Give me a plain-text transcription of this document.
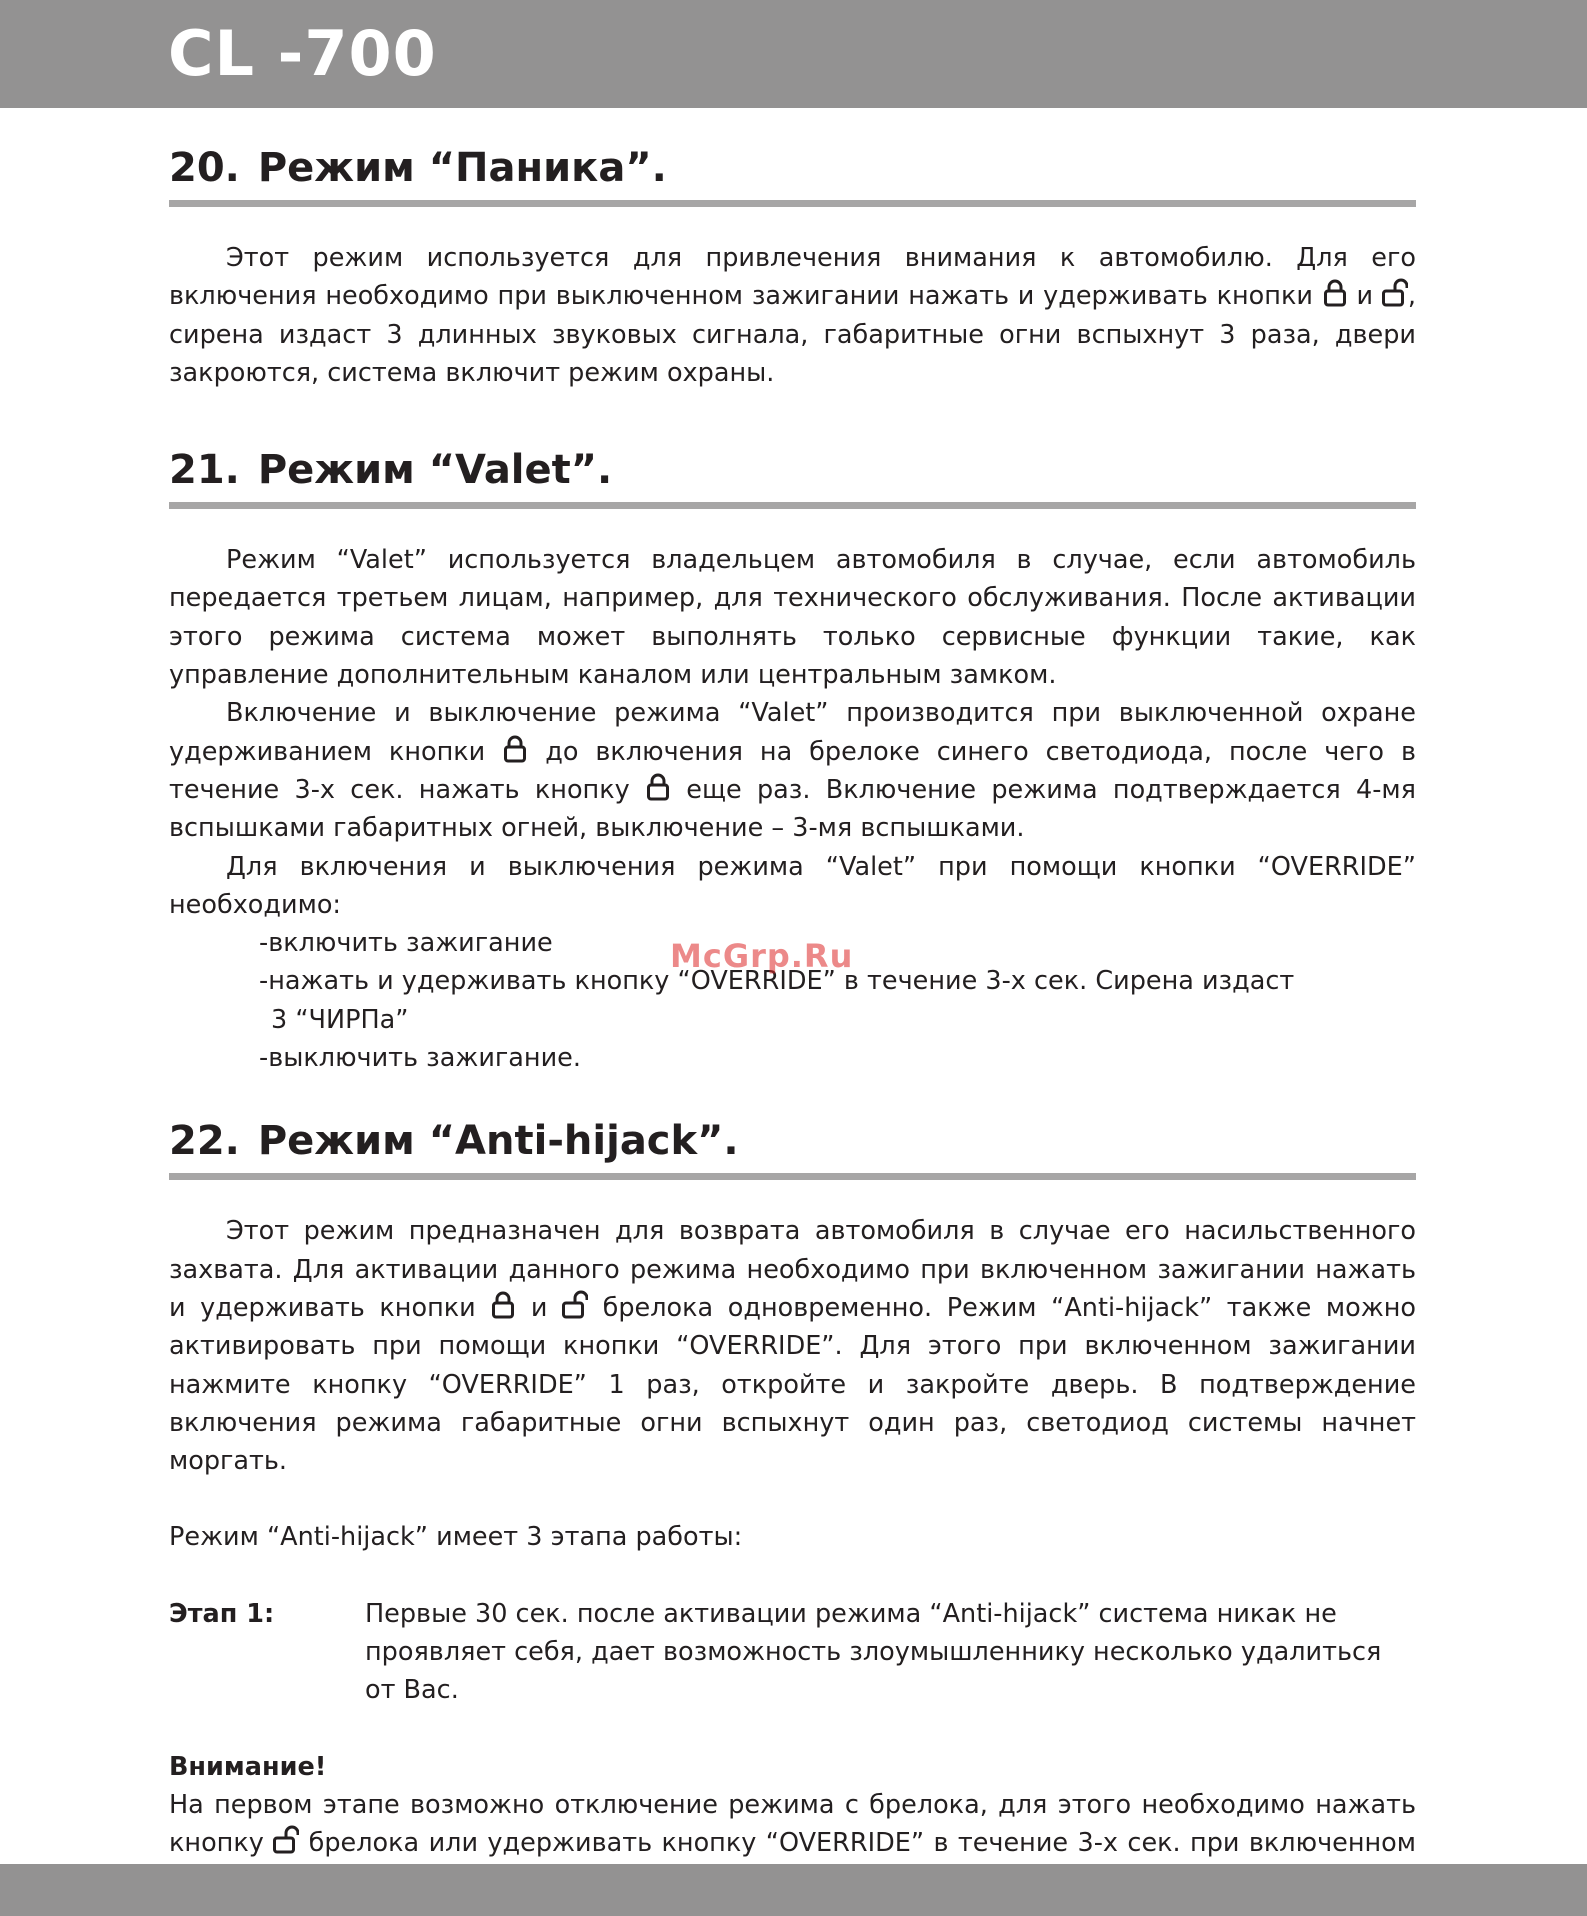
CL -700
20. Режим “Паника”.

Этот режим используется для привлечения внимания к автомобилю. Для его включения необходимо при выключенном зажигании нажать и удерживать кнопки
и
, сирена издаст 3 длинных звуковых сигнала, габаритные огни вспыхнут 3 раза, двери закроются, система включит режим охраны.

21. Режим “Valet”.

Режим “Valet” используется владельцем автомобиля в случае, если автомобиль передается третьем лицам, например, для технического обслуживания. После активации этого режима система может выполнять только сервисные функции такие, как управление дополнительным каналом или центральным замком.

Включение и выключение режима “Valet” производится при выключенной охране удерживанием кнопки
до включения на брелоке синего светодиода, после чего в течение 3-х сек. нажать кнопку
еще раз. Включение режима подтверждается 4-мя вспышками габаритных огней, выключение – 3-мя вспышками.

Для включения и выключения режима “Valet” при помощи кнопки “OVERRIDE” необходимо:

-включить зажигание
-нажать и удерживать кнопку “OVERRIDE” в течение 3-х сек. Сирена издаст
3 “ЧИРПа”
-выключить зажигание.
22. Режим “Anti-hijack”.

Этот режим предназначен для возврата автомобиля в случае его насильственного захвата. Для активации данного режима необходимо при включенном зажигании нажать и удерживать кнопки
и
брелока одновременно. Режим “Anti-hijack” также можно активировать при помощи кнопки “OVERRIDE”. Для этого при включенном зажигании нажмите кнопку “OVERRIDE” 1 раз, откройте и закройте дверь. В подтверждение включения режима габаритные огни вспыхнут один раз, светодиод системы начнет моргать.

Режим “Anti-hijack” имеет 3 этапа работы:

Этап 1:	Первые 30 сек. после активации режима “Anti-hijack” система никак не проявляет себя, дает возможность злоумышленнику несколько удалиться от Вас.
Внимание!

На первом этапе возможно отключение режима с брелока, для этого необходимо нажать кнопку
брелока или удерживать кнопку “OVERRIDE” в течение 3-х сек. при включенном

McGrp.Ru
